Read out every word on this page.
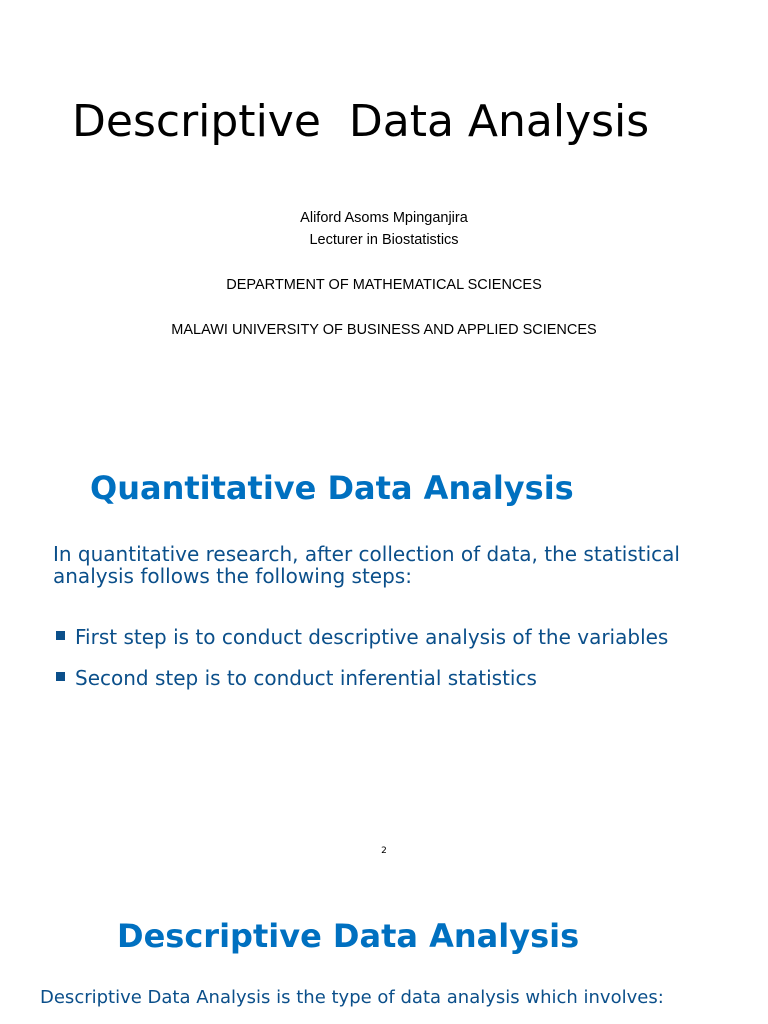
Descriptive  Data Analysis
Aliford Asoms Mpinganjira
Lecturer in Biostatistics
DEPARTMENT OF MATHEMATICAL SCIENCES
MALAWI UNIVERSITY OF BUSINESS AND APPLIED SCIENCES
Quantitative Data Analysis

In quantitative research, after collection of data, the statistical analysis follows the following steps:

First step is to conduct descriptive analysis of the variables
Second step is to conduct inferential statistics
2
Descriptive Data Analysis

Descriptive Data Analysis is the type of data analysis which involves:
